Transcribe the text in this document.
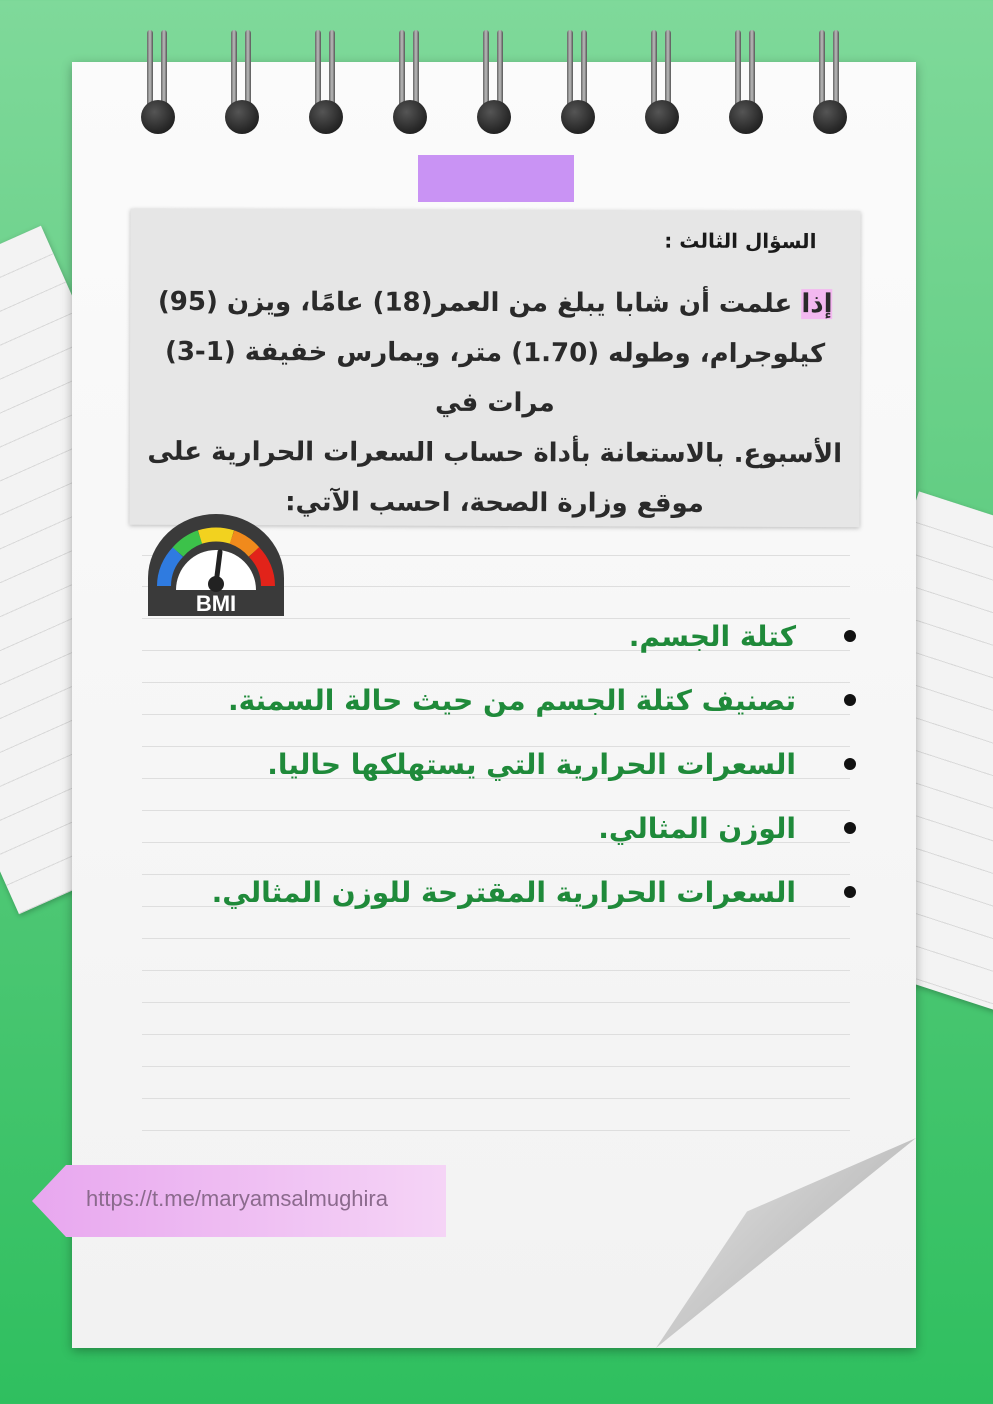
السؤال الثالث :
إذا علمت أن شابا يبلغ من العمر(18) عامًا، ويزن (95)
كيلوجرام، وطوله (1.70) متر، ويمارس خفيفة (1-3) مرات في
الأسبوع. بالاستعانة بأداة حساب السعرات الحرارية على
موقع وزارة الصحة، احسب الآتي:
BMI
كتلة الجسم.
تصنيف كتلة الجسم من حيث حالة السمنة.
السعرات الحرارية التي يستهلكها حاليا.
الوزن المثالي.
السعرات الحرارية المقترحة للوزن المثالي.
https://t.me/maryamsalmughira
